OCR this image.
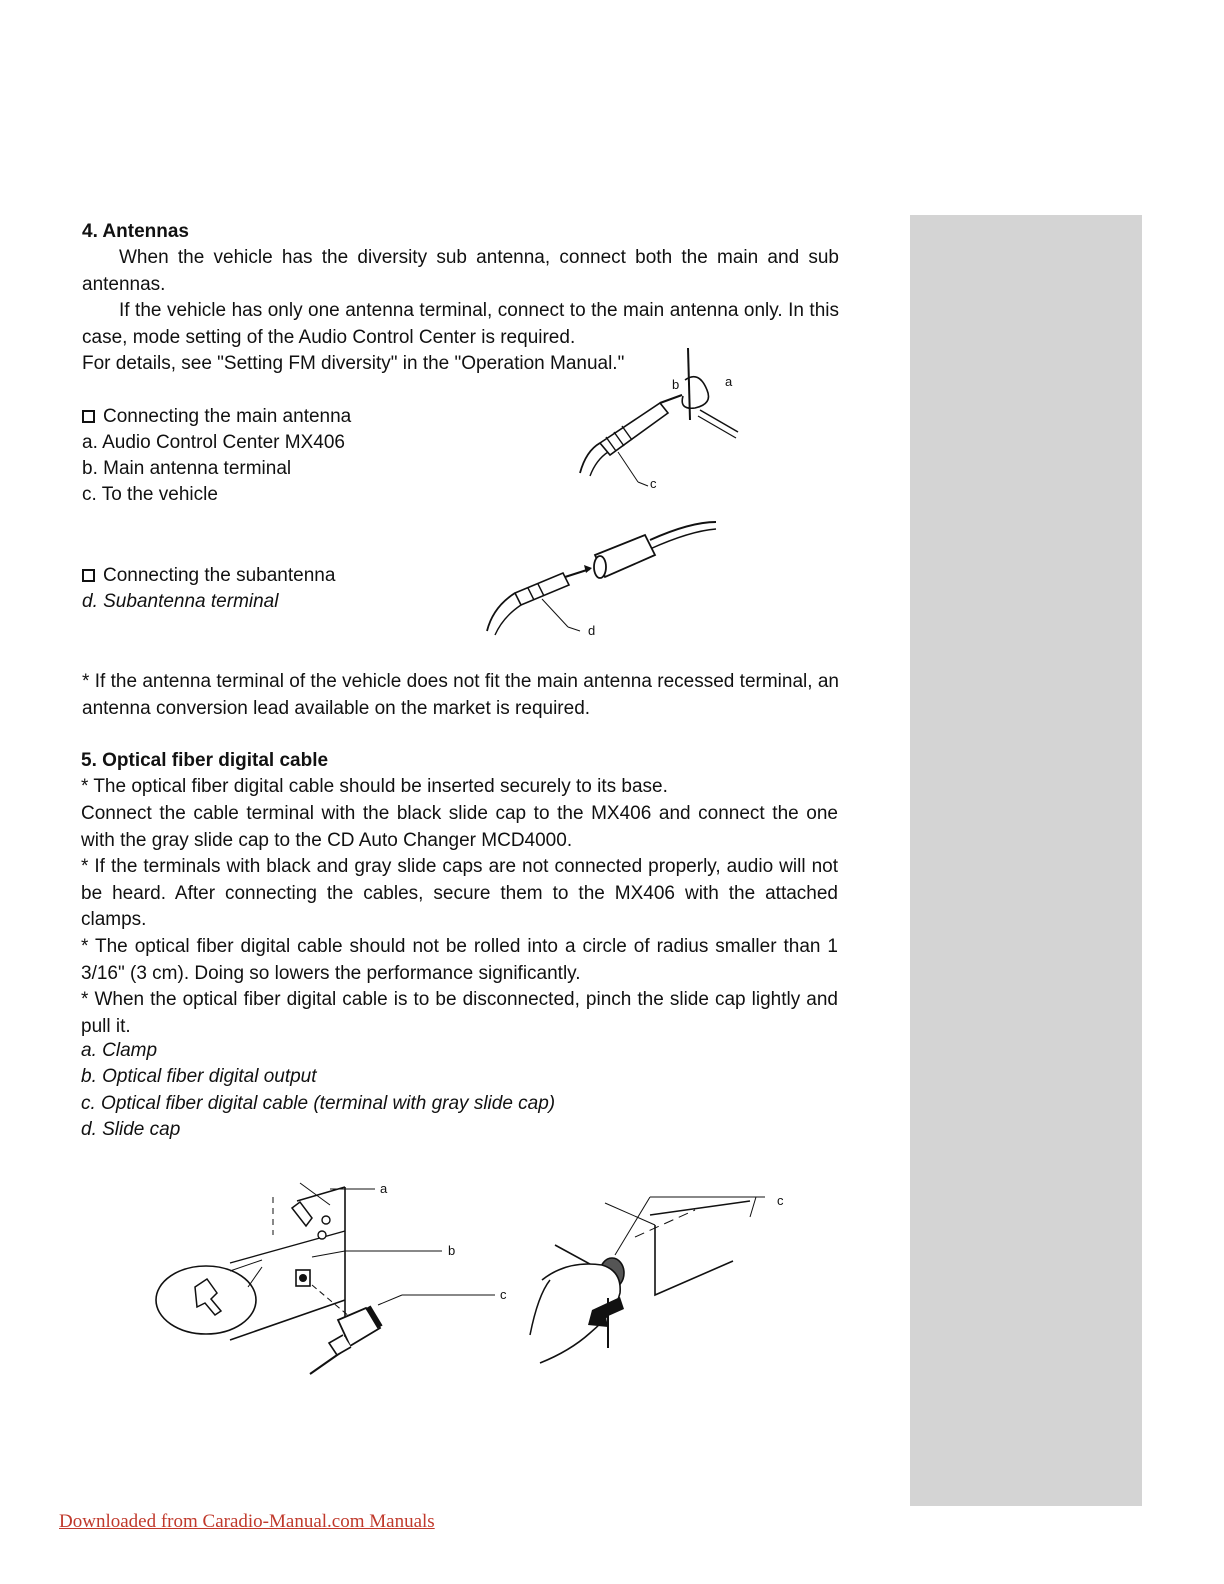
4. Antennas

When the vehicle has the diversity sub antenna, connect both the main and sub antennas.

If the vehicle has only one antenna terminal, connect to the main antenna only. In this case, mode setting of the Audio Control Center is required.

For details, see "Setting FM diversity" in the "Operation Manual."
Connecting the main antenna
a. Audio Control Center MX406
b. Main antenna terminal
c. To the vehicle
a
b
c
Connecting the subantenna
d. Subantenna terminal
d

* If the antenna terminal of the vehicle does not fit the main antenna recessed terminal, an antenna conversion lead available on the market is required.

5. Optical fiber digital cable

* The optical fiber digital cable should be inserted securely to its base.

Connect the cable terminal with the black slide cap to the MX406 and connect the one with the gray slide cap to the CD Auto Changer MCD4000.

* If the terminals with black and gray slide caps are not connected properly, audio will not be heard. After connecting the cables, secure them to the MX406 with the attached clamps.

* The optical fiber digital cable should not be rolled into a circle of radius smaller than 1 3/16" (3 cm). Doing so lowers the performance significantly.

* When the optical fiber digital cable is to be disconnected, pinch the slide cap lightly and pull it.

a. Clamp
b. Optical fiber digital output
c. Optical fiber digital cable (terminal with gray slide cap)
d. Slide cap
a
b
c
c
Downloaded from Caradio-Manual.com Manuals
